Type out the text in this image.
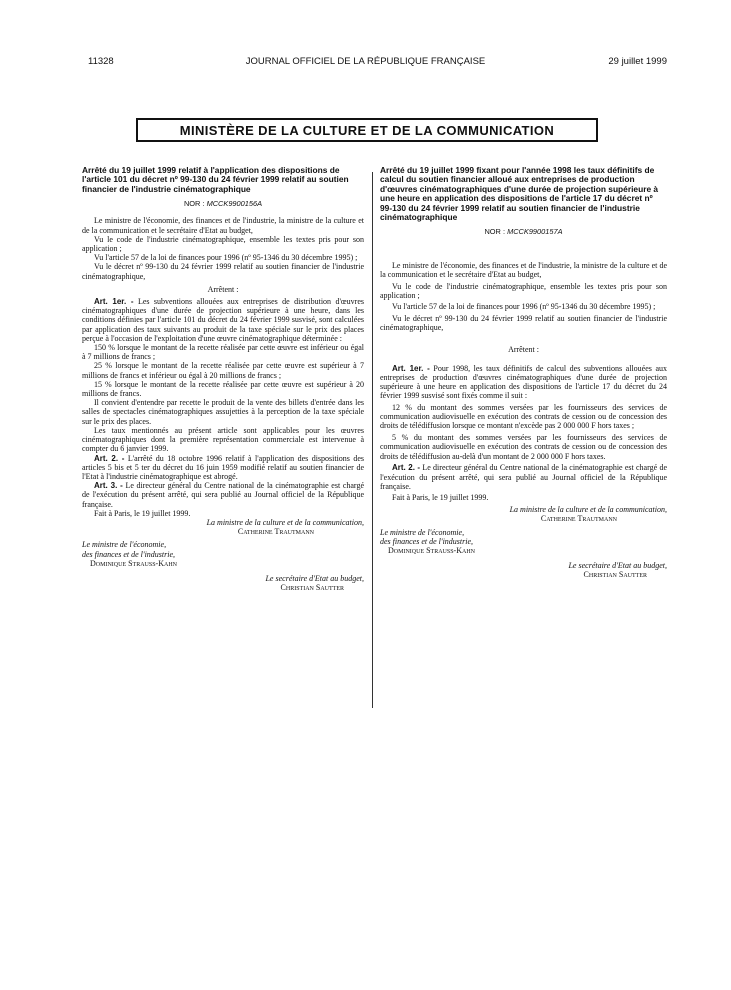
11328	JOURNAL OFFICIEL DE LA RÉPUBLIQUE FRANÇAISE	29 juillet 1999
MINISTÈRE DE LA CULTURE ET DE LA COMMUNICATION

Arrêté du 19 juillet 1999 relatif à l'application des dispositions de l'article 101 du décret nº 99-130 du 24 février 1999 relatif au soutien financier de l'industrie cinématographique

NOR : MCCK9900156A

Le ministre de l'économie, des finances et de l'industrie, la ministre de la culture et de la communication et le secrétaire d'Etat au budget,

Vu le code de l'industrie cinématographique, ensemble les textes pris pour son application ;

Vu l'article 57 de la loi de finances pour 1996 (nº 95-1346 du 30 décembre 1995) ;

Vu le décret nº 99-130 du 24 février 1999 relatif au soutien financier de l'industrie cinématographique,

Arrêtent :

Art. 1er. - Les subventions allouées aux entreprises de distribution d'œuvres cinématographiques d'une durée de projection supérieure à une heure, dans les conditions définies par l'article 101 du décret du 24 février 1999 susvisé, sont calculées par application des taux suivants au produit de la taxe spéciale sur le prix des places perçue à l'occasion de l'exploitation d'une œuvre cinématographique déterminée :

150 % lorsque le montant de la recette réalisée par cette œuvre est inférieur ou égal à 7 millions de francs ;

25 % lorsque le montant de la recette réalisée par cette œuvre est supérieur à 7 millions de francs et inférieur ou égal à 20 millions de francs ;

15 % lorsque le montant de la recette réalisée par cette œuvre est supérieur à 20 millions de francs.

Il convient d'entendre par recette le produit de la vente des billets d'entrée dans les salles de spectacles cinématographiques assujetties à la perception de la taxe spéciale sur le prix des places.

Les taux mentionnés au présent article sont applicables pour les œuvres cinématographiques dont la première représentation commerciale est intervenue à compter du 6 janvier 1999.

Art. 2. - L'arrêté du 18 octobre 1996 relatif à l'application des dispositions des articles 5 bis et 5 ter du décret du 16 juin 1959 modifié relatif au soutien financier de l'Etat à l'industrie cinématographique est abrogé.

Art. 3. - Le directeur général du Centre national de la cinématographie est chargé de l'exécution du présent arrêté, qui sera publié au Journal officiel de la République française.

Fait à Paris, le 19 juillet 1999.

La ministre de la culture et de la communication,

Catherine Trautmann

Le ministre de l'économie,

des finances et de l'industrie,

Dominique Strauss-Kahn

Le secrétaire d'Etat au budget,

Christian Sautter

Arrêté du 19 juillet 1999 fixant pour l'année 1998 les taux définitifs de calcul du soutien financier alloué aux entreprises de production d'œuvres cinématographiques d'une durée de projection supérieure à une heure en application des dispositions de l'article 17 du décret nº 99-130 du 24 février 1999 relatif au soutien financier de l'industrie cinématographique

NOR : MCCK9900157A

Le ministre de l'économie, des finances et de l'industrie, la ministre de la culture et de la communication et le secrétaire d'Etat au budget,

Vu le code de l'industrie cinématographique, ensemble les textes pris pour son application ;

Vu l'article 57 de la loi de finances pour 1996 (nº 95-1346 du 30 décembre 1995) ;

Vu le décret nº 99-130 du 24 février 1999 relatif au soutien financier de l'industrie cinématographique,

Arrêtent :

Art. 1er. - Pour 1998, les taux définitifs de calcul des subventions allouées aux entreprises de production d'œuvres cinématographiques d'une durée de projection supérieure à une heure en application des dispositions de l'article 17 du décret du 24 février 1999 susvisé sont fixés comme il suit :

12 % du montant des sommes versées par les fournisseurs des services de communication audiovisuelle en exécution des contrats de cession ou de concession des droits de télédiffusion lorsque ce montant n'excède pas 2 000 000 F hors taxes ;

5 % du montant des sommes versées par les fournisseurs des services de communication audiovisuelle en exécution des contrats de cession ou de concession des droits de télédiffusion au-delà d'un montant de 2 000 000 F hors taxes.

Art. 2. - Le directeur général du Centre national de la cinématographie est chargé de l'exécution du présent arrêté, qui sera publié au Journal officiel de la République française.

Fait à Paris, le 19 juillet 1999.

La ministre de la culture et de la communication,

Catherine Trautmann

Le ministre de l'économie,

des finances et de l'industrie,

Dominique Strauss-Kahn

Le secrétaire d'Etat au budget,

Christian Sautter
